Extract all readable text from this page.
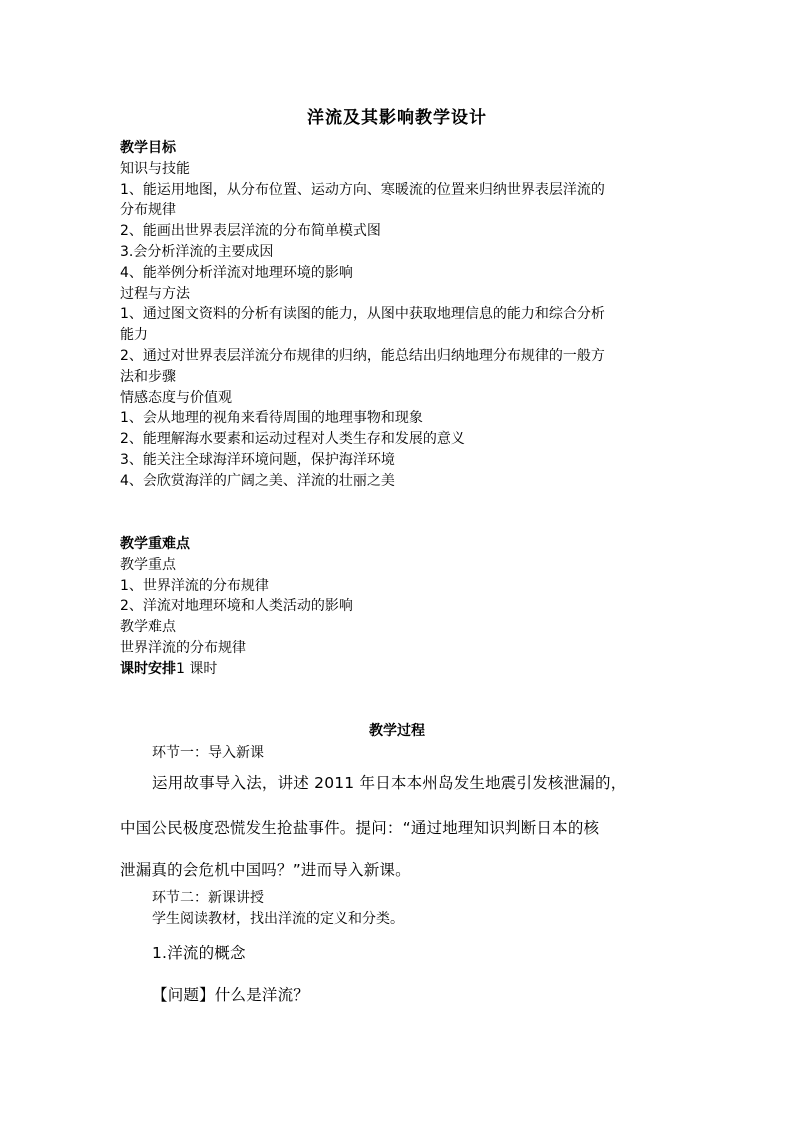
洋流及其影响教学设计
教学目标
知识与技能
1、能运用地图，从分布位置、运动方向、寒暖流的位置来归纳世界表层洋流的
分布规律
2、能画出世界表层洋流的分布简单模式图
3.会分析洋流的主要成因
4、能举例分析洋流对地理环境的影响
过程与方法
1、通过图文资料的分析有读图的能力，从图中获取地理信息的能力和综合分析
能力
2、通过对世界表层洋流分布规律的归纳，能总结出归纳地理分布规律的一般方
法和步骤
情感态度与价值观
1、会从地理的视角来看待周围的地理事物和现象
2、能理解海水要素和运动过程对人类生存和发展的意义
3、能关注全球海洋环境问题，保护海洋环境
4、会欣赏海洋的广阔之美、洋流的壮丽之美
教学重难点
教学重点
1、世界洋流的分布规律
2、洋流对地理环境和人类活动的影响
教学难点
世界洋流的分布规律
课时安排1 课时
教学过程
环节一：导入新课
运用故事导入法，讲述 2011 年日本本州岛发生地震引发核泄漏的，
中国公民极度恐慌发生抢盐事件。提问：“通过地理知识判断日本的核
泄漏真的会危机中国吗？”进而导入新课。
环节二：新课讲授
学生阅读教材，找出洋流的定义和分类。
1.洋流的概念
【问题】什么是洋流？
